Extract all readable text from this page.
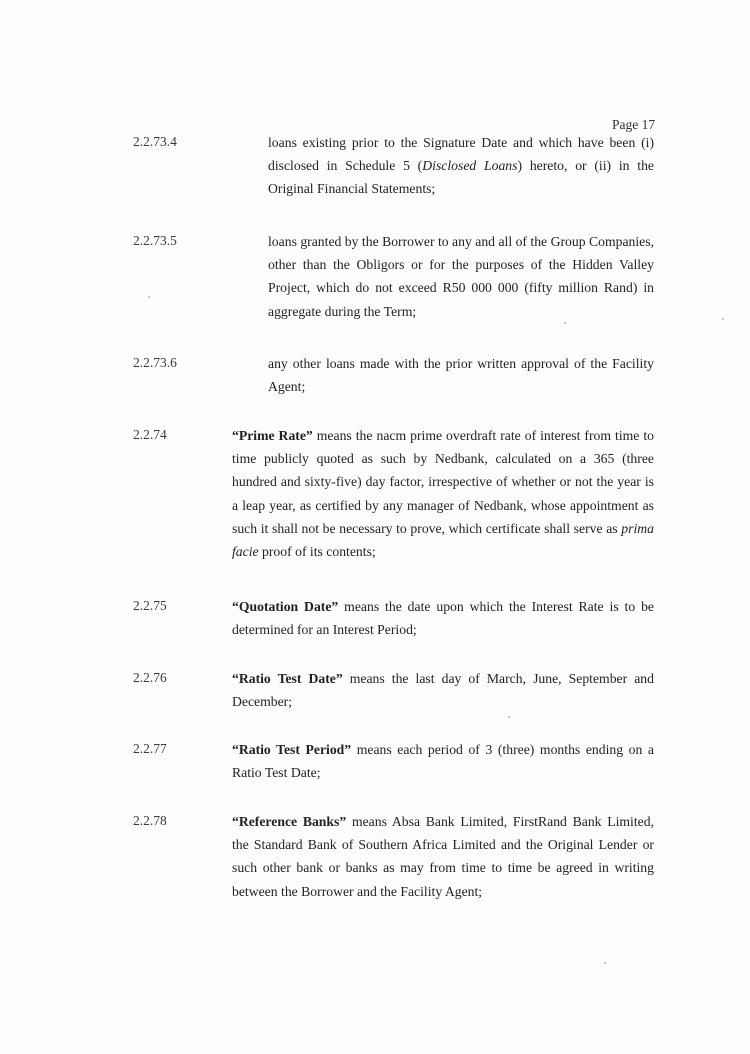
Page 17
2.2.73.4	loans existing prior to the Signature Date and which have been (i) disclosed in Schedule 5 (Disclosed Loans) hereto, or (ii) in the Original Financial Statements;
2.2.73.5	loans granted by the Borrower to any and all of the Group Companies, other than the Obligors or for the purposes of the Hidden Valley Project, which do not exceed R50 000 000 (fifty million Rand) in aggregate during the Term;
2.2.73.6	any other loans made with the prior written approval of the Facility Agent;
2.2.74	“Prime Rate” means the nacm prime overdraft rate of interest from time to time publicly quoted as such by Nedbank, calculated on a 365 (three hundred and sixty-five) day factor, irrespective of whether or not the year is a leap year, as certified by any manager of Nedbank, whose appointment as such it shall not be necessary to prove, which certificate shall serve as prima facie proof of its contents;
2.2.75	“Quotation Date” means the date upon which the Interest Rate is to be determined for an Interest Period;
2.2.76	“Ratio Test Date” means the last day of March, June, September and December;
2.2.77	“Ratio Test Period” means each period of 3 (three) months ending on a Ratio Test Date;
2.2.78	“Reference Banks” means Absa Bank Limited, FirstRand Bank Limited, the Standard Bank of Southern Africa Limited and the Original Lender or such other bank or banks as may from time to time be agreed in writing between the Borrower and the Facility Agent;
